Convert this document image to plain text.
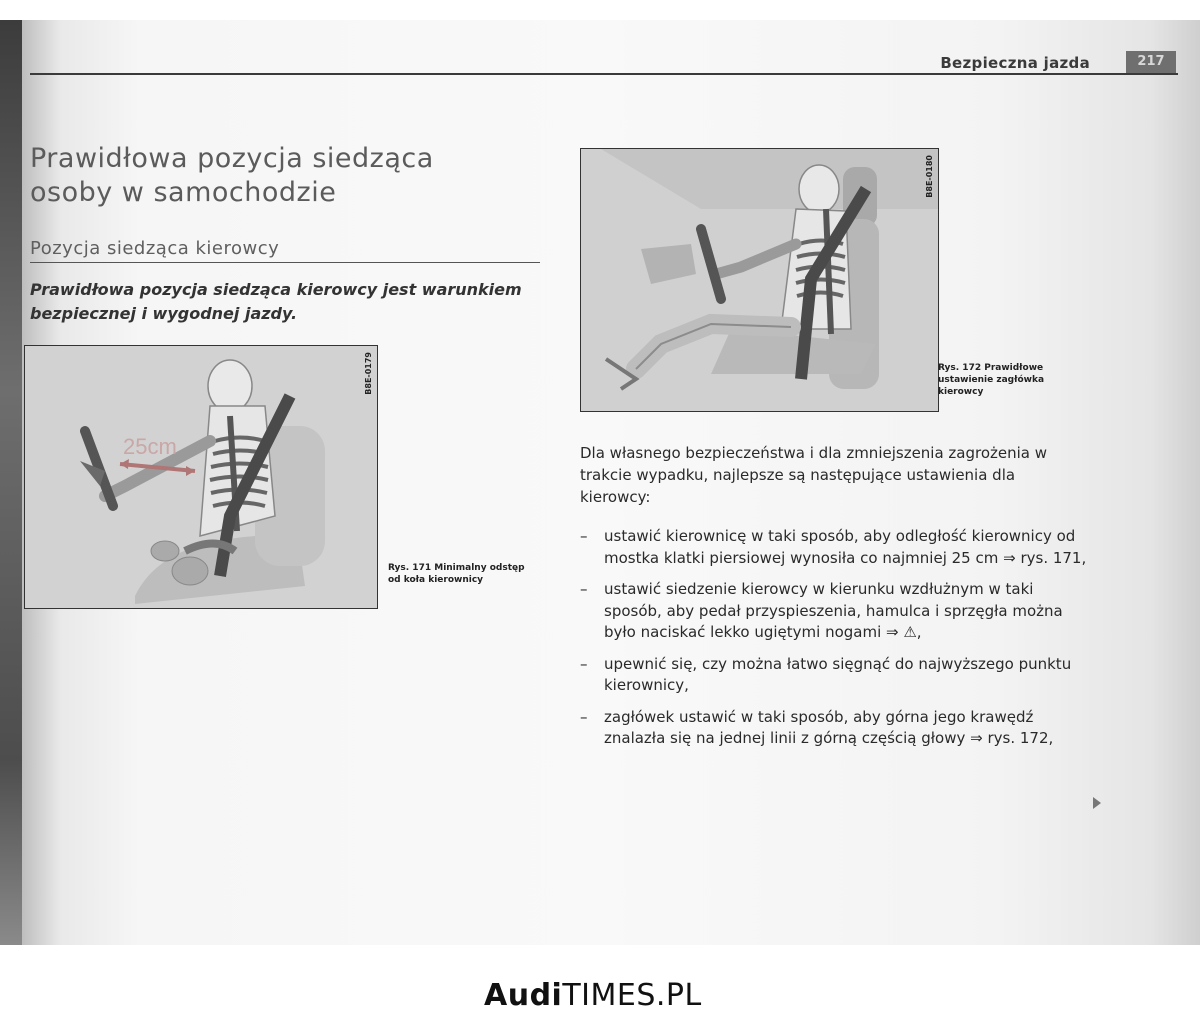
Bezpieczna jazda	217
Prawidłowa pozycja siedząca
osoby w samochodzie
Pozycja siedząca kierowcy
Prawidłowa pozycja siedząca kierowcy jest warunkiem
bezpiecznej i wygodnej jazdy.
25cm
B8E-0179
Rys. 171 Minimalny odstęp od koła kierownicy
B8E-0180
Rys. 172 Prawidłowe ustawienie zagłówka kierowcy
Dla własnego bezpieczeństwa i dla zmniejszenia zagrożenia w trakcie wypadku, najlepsze są następujące ustawienia dla kierowcy:
– ustawić kierownicę w taki sposób, aby odległość kierownicy od mostka klatki piersiowej wynosiła co najmniej 25 cm ⇒ rys. 171,
– ustawić siedzenie kierowcy w kierunku wzdłużnym w taki sposób, aby pedał przyspieszenia, hamulca i sprzęgła można było naciskać lekko ugiętymi nogami ⇒ ⚠,
– upewnić się, czy można łatwo sięgnąć do najwyższego punktu kierownicy,
– zagłówek ustawić w taki sposób, aby górna jego krawędź znalazła się na jednej linii z górną częścią głowy ⇒ rys. 172,
AudiTIMES.PL
